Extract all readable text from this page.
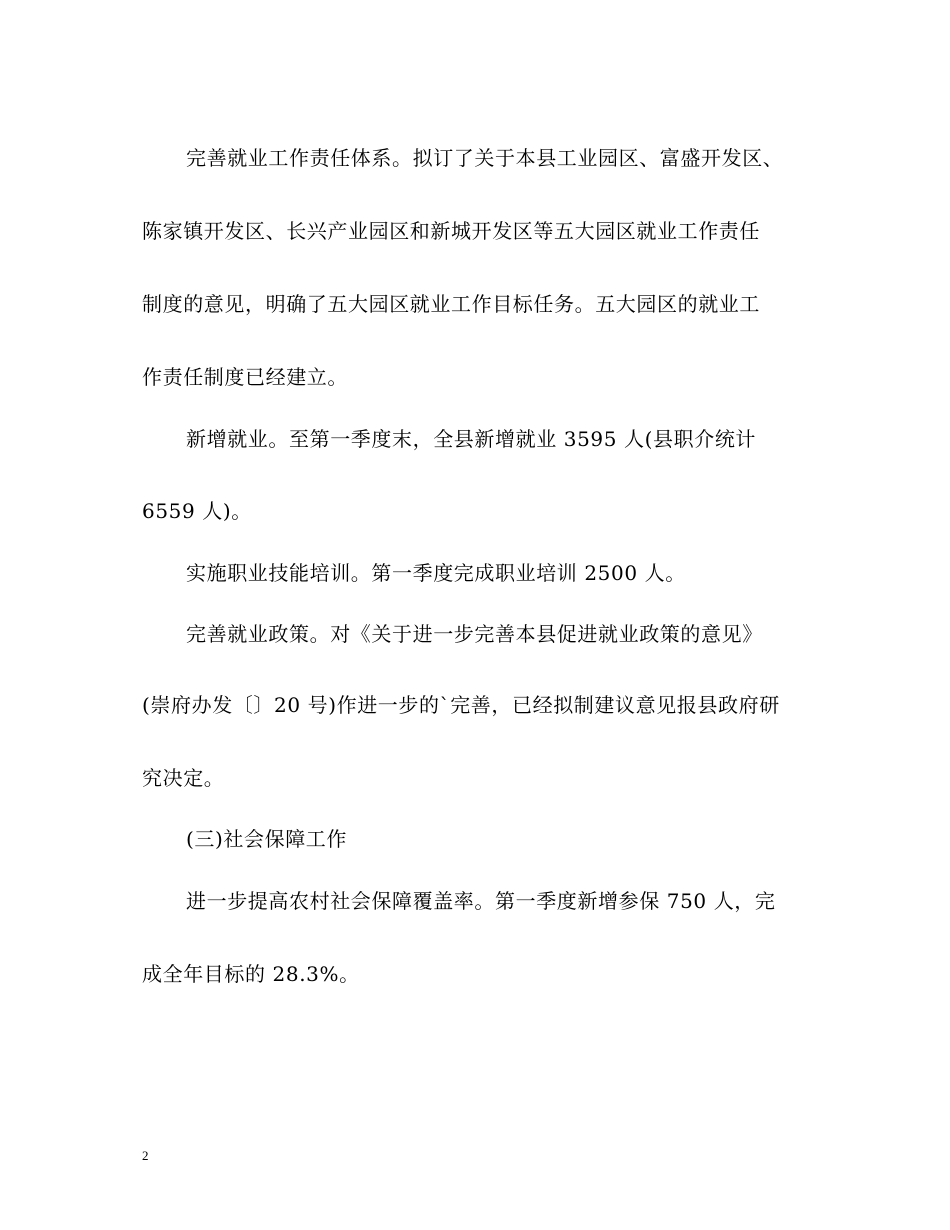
完善就业工作责任体系。拟订了关于本县工业园区、富盛开发区、
陈家镇开发区、长兴产业园区和新城开发区等五大园区就业工作责任
制度的意见，明确了五大园区就业工作目标任务。五大园区的就业工
作责任制度已经建立。
新增就业。至第一季度末，全县新增就业 3595 人(县职介统计
6559 人)。
实施职业技能培训。第一季度完成职业培训 2500 人。
完善就业政策。对《关于进一步完善本县促进就业政策的意见》
(崇府办发〔〕20 号)作进一步的`完善，已经拟制建议意见报县政府研
究决定。
(三)社会保障工作
进一步提高农村社会保障覆盖率。第一季度新增参保 750 人，完
成全年目标的 28.3%。
2
